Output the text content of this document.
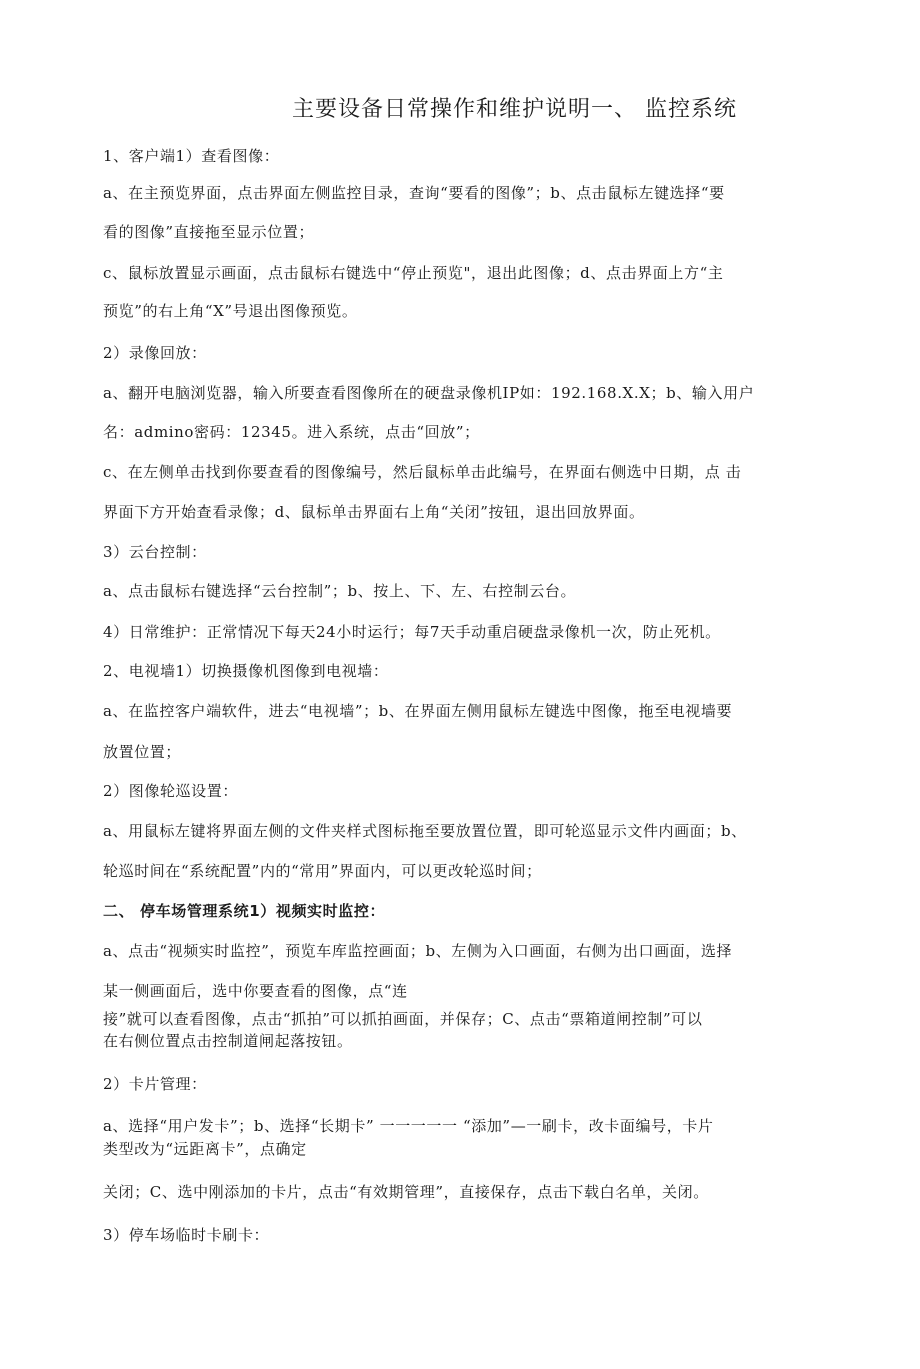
主要设备日常操作和维护说明一、 监控系统
1、客户端1）查看图像：
a、在主预览界面，点击界面左侧监控目录，查询“要看的图像”；b、点击鼠标左键选择“要
看的图像”直接拖至显示位置；
c、鼠标放置显示画面，点击鼠标右键选中“停止预览"，退出此图像；d、点击界面上方“主
预览”的右上角“X”号退出图像预览。
2）录像回放：
a、翻开电脑浏览器，输入所要查看图像所在的硬盘录像机IP如：192.168.X.X；b、输入用户
名：admino密码：12345。进入系统，点击“回放”；
c、在左侧单击找到你要查看的图像编号，然后鼠标单击此编号，在界面右侧选中日期，点 击
界面下方开始查看录像；d、鼠标单击界面右上角“关闭”按钮，退出回放界面。
3）云台控制：
a、点击鼠标右键选择“云台控制”；b、按上、下、左、右控制云台。
4）日常维护：正常情况下每天24小时运行；每7天手动重启硬盘录像机一次，防止死机。
2、电视墙1）切换摄像机图像到电视墙：
a、在监控客户端软件，进去“电视墙”；b、在界面左侧用鼠标左键选中图像，拖至电视墙要
放置位置；
2）图像轮巡设置：
a、用鼠标左键将界面左侧的文件夹样式图标拖至要放置位置，即可轮巡显示文件内画面；b、
轮巡时间在“系统配置”内的“常用”界面内，可以更改轮巡时间；
二、 停车场管理系统1）视频实时监控：
a、点击“视频实时监控”，预览车库监控画面；b、左侧为入口画面，右侧为出口画面，选择
某一侧画面后，选中你要查看的图像，点“连
接”就可以查看图像，点击“抓拍”可以抓拍画面，并保存；C、点击“票箱道闸控制”可以
在右侧位置点击控制道闸起落按钮。
2）卡片管理：
a、选择“用户发卡”；b、选择“长期卡” 一一一一一 “添加”—一刷卡，改卡面编号，卡片
类型改为“远距离卡”，点确定
关闭；C、选中刚添加的卡片，点击“有效期管理”，直接保存，点击下载白名单，关闭。
3）停车场临时卡刷卡：
